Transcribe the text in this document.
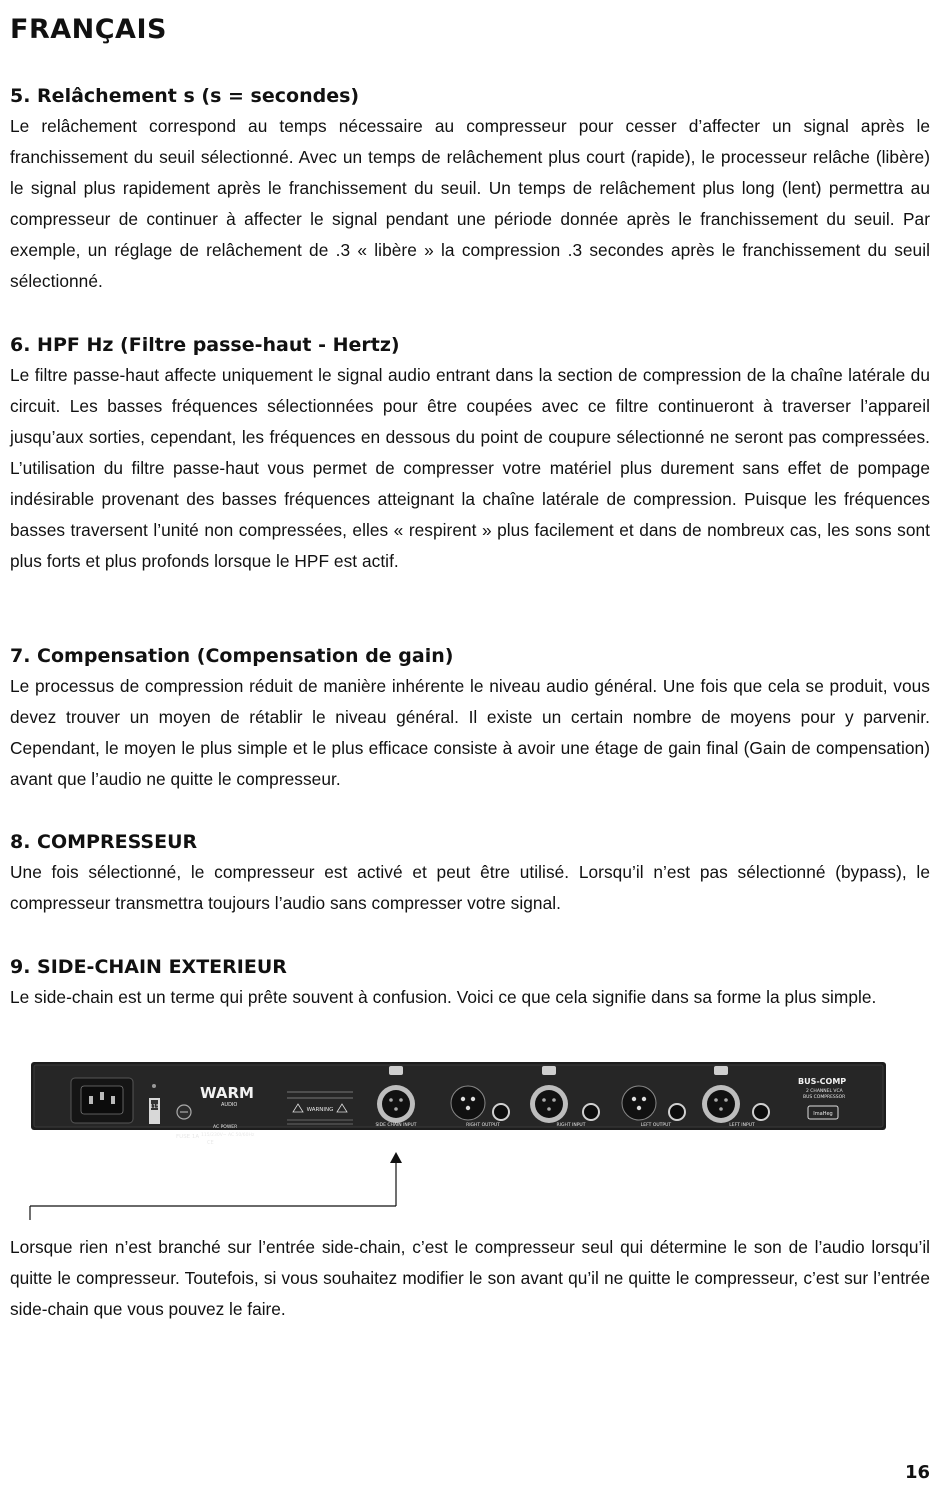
FRANÇAIS
5. Relâchement s (s = secondes)

Le relâchement correspond au temps nécessaire au compresseur pour cesser d’affecter un signal après le franchissement du seuil sélectionné. Avec un temps de relâchement plus court (rapide), le processeur relâche (libère) le signal plus rapidement après le franchissement du seuil. Un temps de relâchement plus long (lent) permettra au compresseur de continuer à affecter le signal pendant une période donnée après le franchissement du seuil. Par exemple, un réglage de relâchement de .3 « libère » la compression .3 secondes après le franchissement du seuil sélectionné.

6. HPF Hz (Filtre passe-haut - Hertz)

Le filtre passe-haut affecte uniquement le signal audio entrant dans la section de compression de la chaîne latérale du circuit. Les basses fréquences sélectionnées pour être coupées avec ce filtre continueront à traverser l’appareil jusqu’aux sorties, cependant, les fréquences en dessous du point de coupure sélectionné ne seront pas compressées. L’utilisation du filtre passe-haut vous permet de compresser votre matériel plus durement sans effet de pompage indésirable provenant des basses fréquences atteignant la chaîne latérale de compression. Puisque les fréquences basses traversent l’unité non compressées, elles « respirent » plus facilement et dans de nombreux cas, les sons sont plus forts et plus profonds lorsque le HPF est actif.

7. Compensation (Compensation de gain)

Le processus de compression réduit de manière inhérente le niveau audio général. Une fois que cela se produit, vous devez trouver un moyen de rétablir le niveau général. Il existe un certain nombre de moyens pour y parvenir. Cependant, le moyen le plus simple et le plus efficace consiste à avoir une étage de gain final (Gain de compensation) avant que l’audio ne quitte le compresseur.

8. COMPRESSEUR

Une fois sélectionné, le compresseur est activé et peut être utilisé. Lorsqu’il n’est pas sélectionné (bypass), le compresseur transmettra toujours l’audio sans compresser votre signal.

9. SIDE-CHAIN EXTERIEUR

Le side-chain est un terme qui prête souvent à confusion. Voici ce que cela signifie dans sa forme la plus simple.

115
FUSE 1A
WARM
AUDIO
AC POWER
115/230V~ AC 50/60Hz
CE
WARNING
SIDE CHAIN INPUT	RIGHT OUTPUT	RIGHT INPUT	LEFT OUTPUT	LEFT INPUT
BUS-COMP
2 CHANNEL VCA
BUS COMPRESSOR
ImaHeg

Lorsque rien n’est branché sur l’entrée side-chain, c’est le compresseur seul qui détermine le son de l’audio lorsqu’il quitte le compresseur. Toutefois, si vous souhaitez modifier le son avant qu’il ne quitte le compresseur, c’est sur l’entrée side-chain que vous pouvez le faire.

16
